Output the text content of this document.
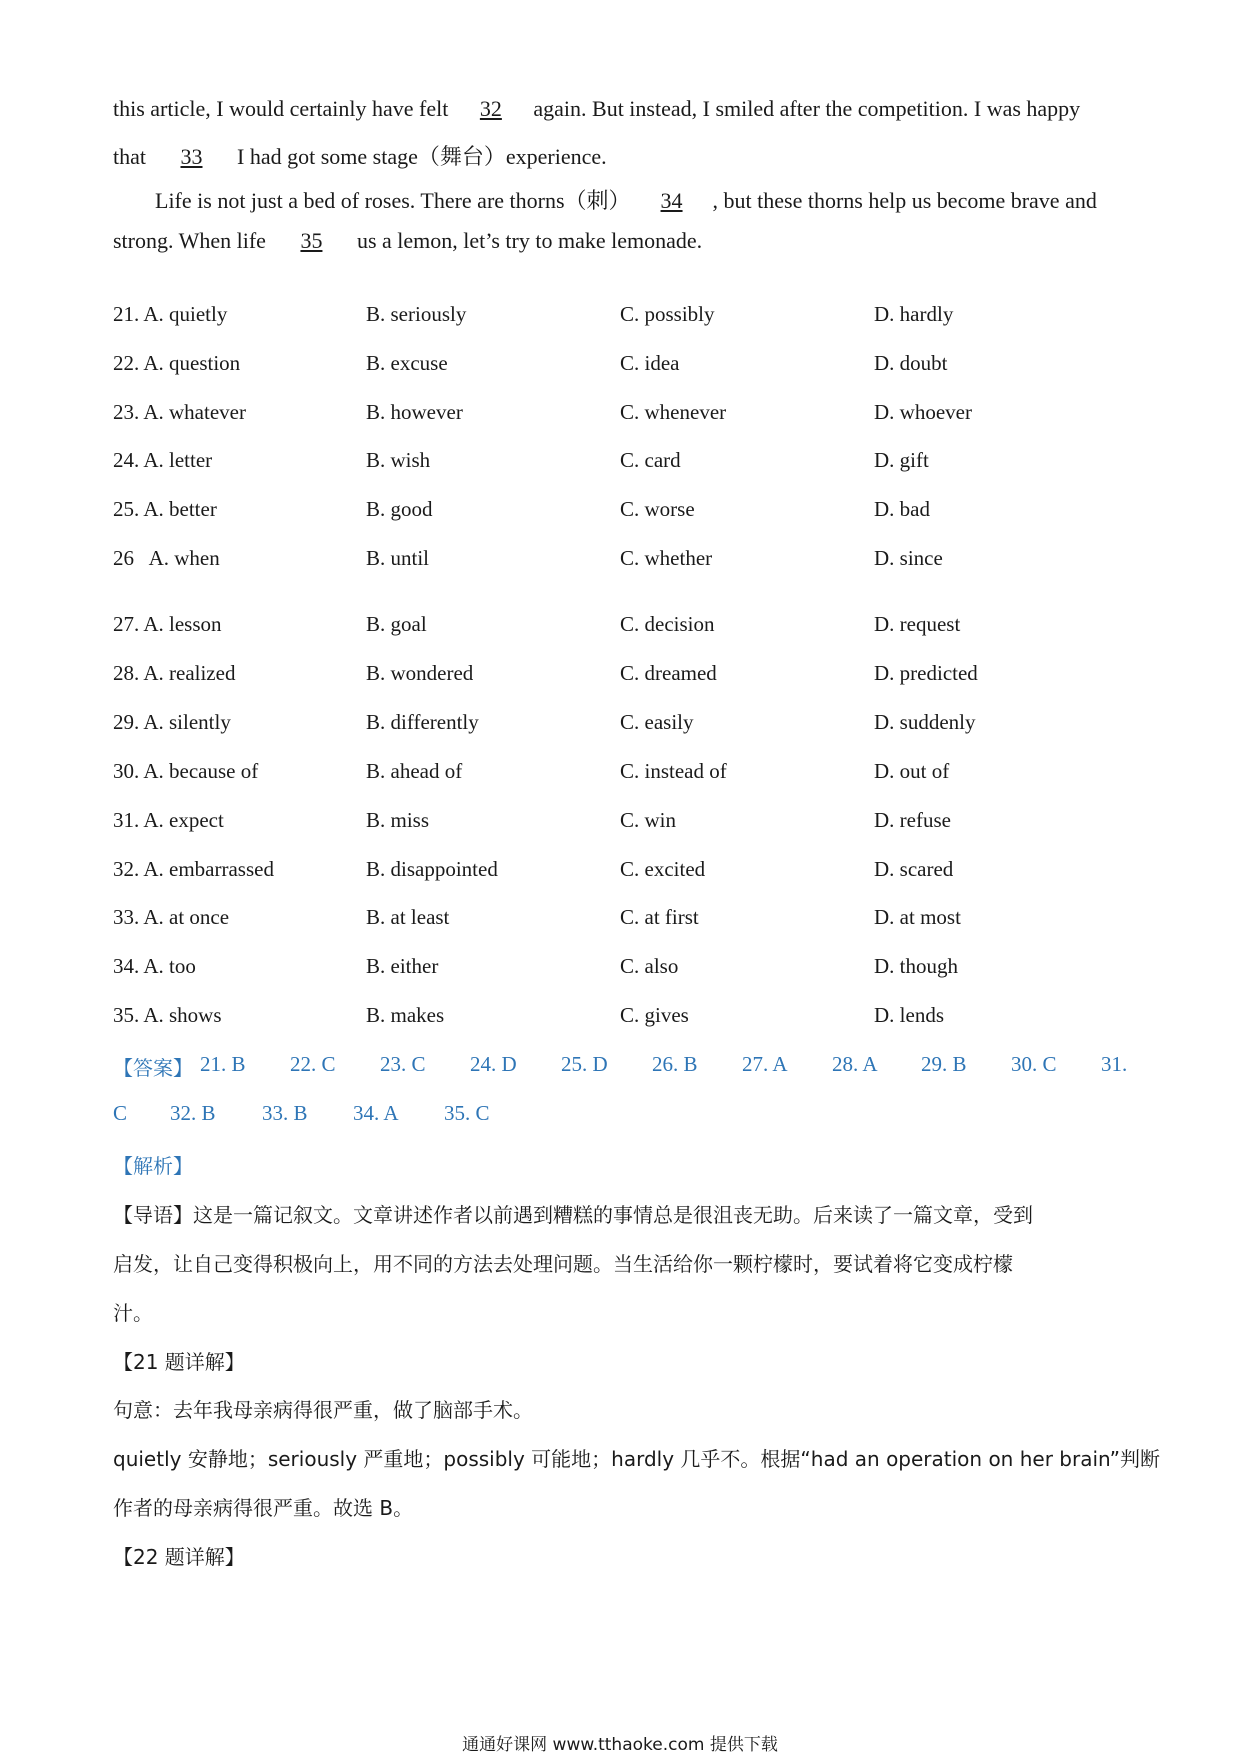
this article, I would certainly have felt 32 again. But instead, I smiled after the competition. I was happy
that 33 I had got some stage（舞台）experience.
Life is not just a bed of roses. There are thorns（刺） 34 , but these thorns help us become brave and
strong. When life 35 us a lemon, let’s try to make lemonade.
21. A. quietly	B. seriously	C. possibly	D. hardly
22. A. question	B. excuse	C. idea	D. doubt
23. A. whatever	B. however	C. whenever	D. whoever
24. A. letter	B. wish	C. card	D. gift
25. A. better	B. good	C. worse	D. bad
26   A. when	B. until	C. whether	D. since
27. A. lesson	B. goal	C. decision	D. request
28. A. realized	B. wondered	C. dreamed	D. predicted
29. A. silently	B. differently	C. easily	D. suddenly
30. A. because of	B. ahead of	C. instead of	D. out of
31. A. expect	B. miss	C. win	D. refuse
32. A. embarrassed	B. disappointed	C. excited	D. scared
33. A. at once	B. at least	C. at first	D. at most
34. A. too	B. either	C. also	D. though
35. A. shows	B. makes	C. gives	D. lends
【答案】 21. B 22. C 23. C 24. D 25. D 26. B 27. A 28. A 29. B 30. C 31.
C 32. B 33. B 34. A 35. C
【解析】
【导语】这是一篇记叙文。文章讲述作者以前遇到糟糕的事情总是很沮丧无助。后来读了一篇文章，受到
启发，让自己变得积极向上，用不同的方法去处理问题。当生活给你一颗柠檬时，要试着将它变成柠檬
汁。
【21 题详解】
句意：去年我母亲病得很严重，做了脑部手术。
quietly 安静地；seriously 严重地；possibly 可能地；hardly 几乎不。根据“had an operation on her brain”判断
作者的母亲病得很严重。故选 B。
【22 题详解】
通通好课网 www.tthaoke.com 提供下载
